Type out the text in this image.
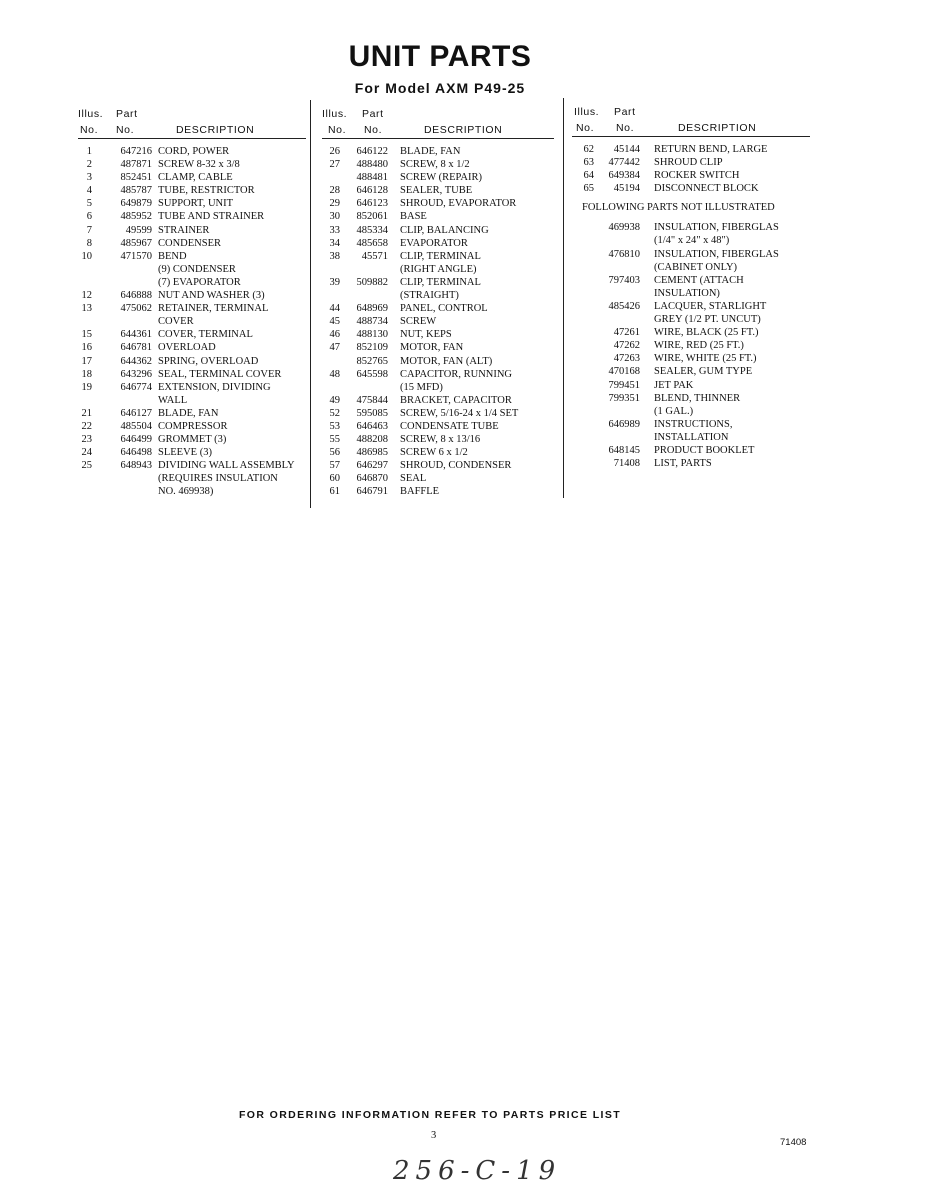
UNIT PARTS
For Model AXM P49-25
Illus. Part
No. No.	DESCRIPTION
1	647216 CORD, POWER
2	487871 SCREW 8-32 x 3/8
3	852451 CLAMP, CABLE
4	485787 TUBE, RESTRICTOR
5	649879 SUPPORT, UNIT
6	485952 TUBE AND STRAINER
7	49599 STRAINER
8	485967 CONDENSER
10	471570 BEND
(9) CONDENSER
(7) EVAPORATOR
12	646888 NUT AND WASHER (3)
13	475062 RETAINER, TERMINAL
COVER
15	644361 COVER, TERMINAL
16	646781 OVERLOAD
17	644362 SPRING, OVERLOAD
18	643296 SEAL, TERMINAL COVER
19	646774 EXTENSION, DIVIDING
WALL
21	646127 BLADE, FAN
22	485504 COMPRESSOR
23	646499 GROMMET (3)
24	646498 SLEEVE (3)
25	648943 DIVIDING WALL ASSEMBLY
(REQUIRES INSULATION
NO. 469938)
Illus. Part
No. No.	DESCRIPTION
26	646122 BLADE, FAN
27	488480 SCREW, 8 x 1/2
488481 SCREW (REPAIR)
28	646128 SEALER, TUBE
29	646123 SHROUD, EVAPORATOR
30	852061 BASE
33	485334 CLIP, BALANCING
34	485658 EVAPORATOR
38	45571 CLIP, TERMINAL
(RIGHT ANGLE)
39	509882 CLIP, TERMINAL
(STRAIGHT)
44	648969 PANEL, CONTROL
45	488734 SCREW
46	488130 NUT, KEPS
47	852109 MOTOR, FAN
852765 MOTOR, FAN (ALT)
48	645598 CAPACITOR, RUNNING
(15 MFD)
49	475844 BRACKET, CAPACITOR
52	595085 SCREW, 5/16-24 x 1/4 SET
53	646463 CONDENSATE TUBE
55	488208 SCREW, 8 x 13/16
56	486985 SCREW 6 x 1/2
57	646297 SHROUD, CONDENSER
60	646870 SEAL
61	646791 BAFFLE
Illus. Part
No. No.	DESCRIPTION
62	45144 RETURN BEND, LARGE
63	477442 SHROUD CLIP
64	649384 ROCKER SWITCH
65	45194 DISCONNECT BLOCK
FOLLOWING PARTS NOT ILLUSTRATED
469938 INSULATION, FIBERGLAS
(1/4" x 24" x 48")
476810 INSULATION, FIBERGLAS
(CABINET ONLY)
797403 CEMENT (ATTACH
INSULATION)
485426 LACQUER, STARLIGHT
GREY (1/2 PT. UNCUT)
47261 WIRE, BLACK (25 FT.)
47262 WIRE, RED (25 FT.)
47263 WIRE, WHITE (25 FT.)
470168 SEALER, GUM TYPE
799451 JET PAK
799351 BLEND, THINNER
(1 GAL.)
646989 INSTRUCTIONS,
INSTALLATION
648145 PRODUCT BOOKLET
71408 LIST, PARTS
FOR ORDERING INFORMATION REFER TO PARTS PRICE LIST
3
71408
256-C-19
